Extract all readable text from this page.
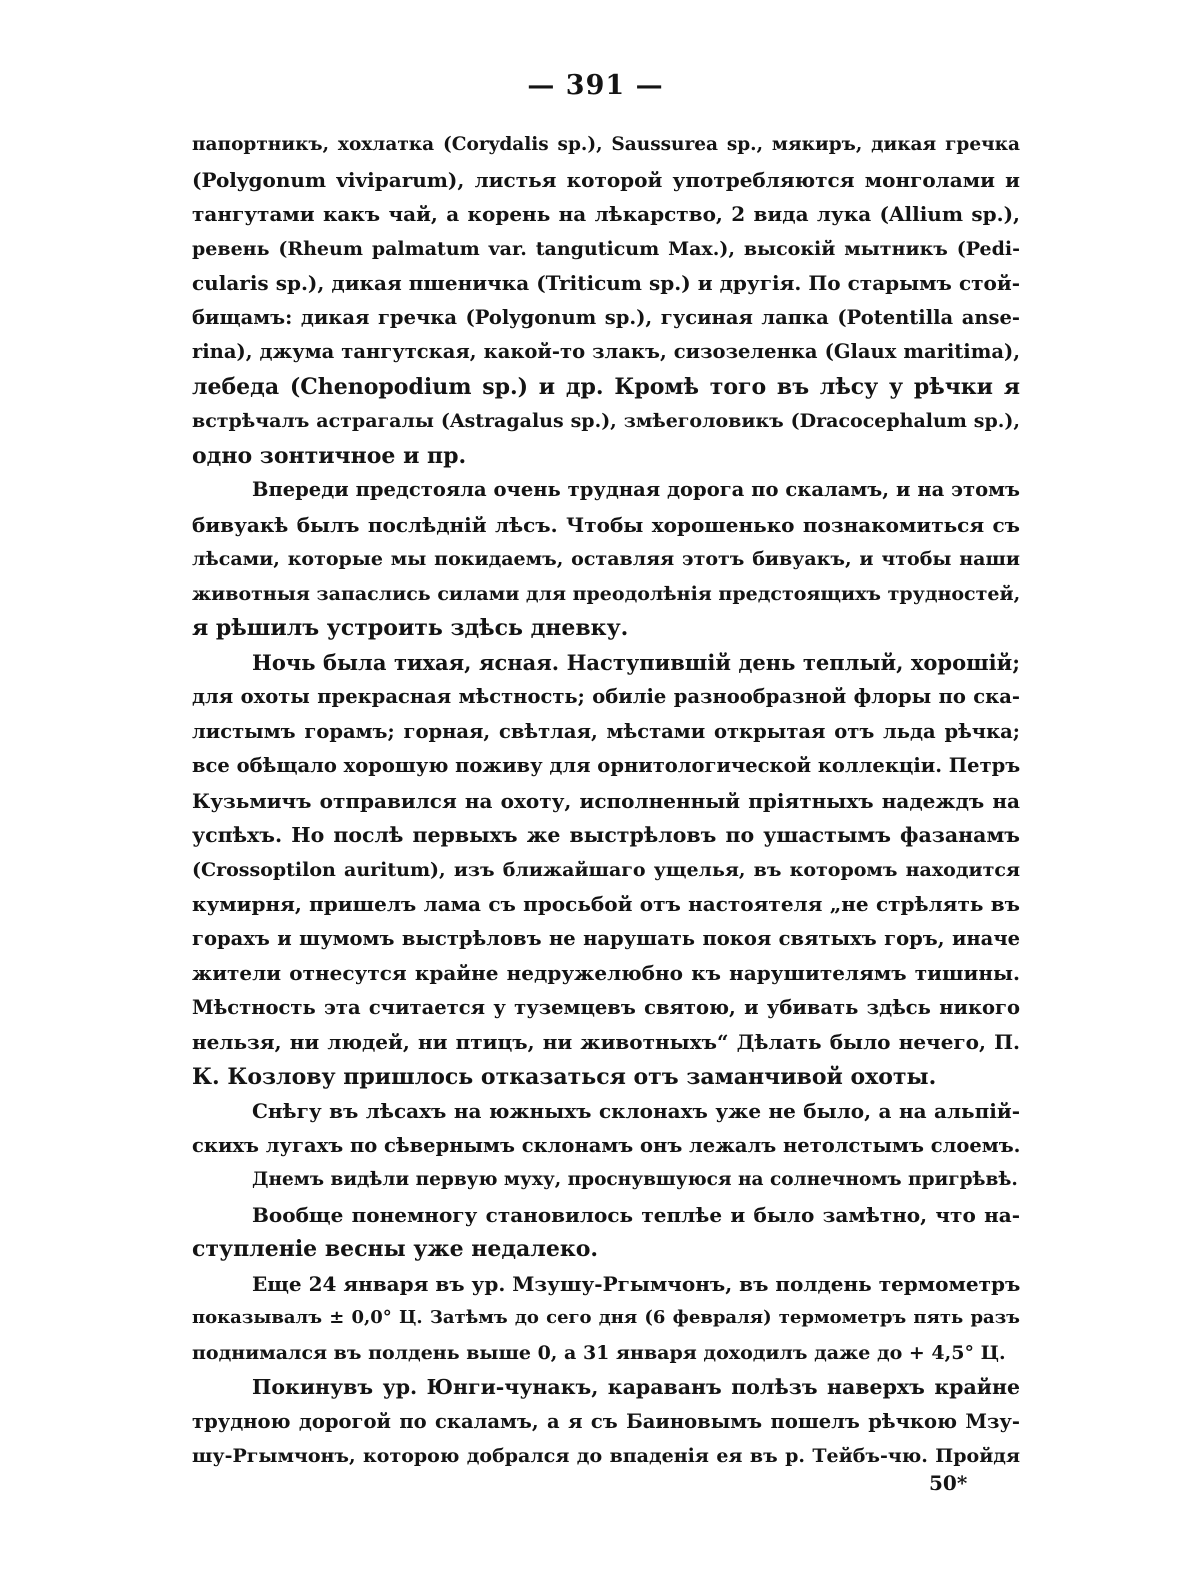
— 391 —
папортникъ, хохлатка (Corydalis sp.), Saussurea sp., мякиръ, дикая гречка
(Polygonum viviparum), листья которой употребляются монголами и
тангутами какъ чай, а корень на лѣкарство, 2 вида лука (Allium sp.),
ревень (Rheum palmatum var. tanguticum Max.), высокій мытникъ (Pedi-
cularis sp.), дикая пшеничка (Triticum sp.) и другія. По старымъ стой-
бищамъ: дикая гречка (Polygonum sp.), гусиная лапка (Potentilla anse-
rina), джума тангутская, какой-то злакъ, сизозеленка (Glaux maritima),
лебеда (Chenopodium sp.) и др. Кромѣ того въ лѣсу у рѣчки я
встрѣчалъ астрагалы (Astragalus sp.), змѣеголовикъ (Dracocephalum sp.),
одно зонтичное и пр.
Впереди предстояла очень трудная дорога по скаламъ, и на этомъ
бивуакѣ былъ послѣдній лѣсъ. Чтобы хорошенько познакомиться съ
лѣсами, которые мы покидаемъ, оставляя этотъ бивуакъ, и чтобы наши
животныя запаслись силами для преодолѣнія предстоящихъ трудностей,
я рѣшилъ устроить здѣсь дневку.
Ночь была тихая, ясная. Наступившій день теплый, хорошій;
для охоты прекрасная мѣстность; обиліе разнообразной флоры по ска-
листымъ горамъ; горная, свѣтлая, мѣстами открытая отъ льда рѣчка;
все обѣщало хорошую поживу для орнитологической коллекціи. Петръ
Кузьмичъ отправился на охоту, исполненный пріятныхъ надеждъ на
успѣхъ. Но послѣ первыхъ же выстрѣловъ по ушастымъ фазанамъ
(Crossoptilon auritum), изъ ближайшаго ущелья, въ которомъ находится
кумирня, пришелъ лама съ просьбой отъ настоятеля „не стрѣлять въ
горахъ и шумомъ выстрѣловъ не нарушать покоя святыхъ горъ, иначе
жители отнесутся крайне недружелюбно къ нарушителямъ тишины.
Мѣстность эта считается у туземцевъ святою, и убивать здѣсь никого
нельзя, ни людей, ни птицъ, ни животныхъ“ Дѣлать было нечего, П.
К. Козлову пришлось отказаться отъ заманчивой охоты.
Снѣгу въ лѣсахъ на южныхъ склонахъ уже не было, а на альпій-
скихъ лугахъ по сѣвернымъ склонамъ онъ лежалъ нетолстымъ слоемъ.
Днемъ видѣли первую муху, проснувшуюся на солнечномъ пригрѣвѣ.
Вообще понемногу становилось теплѣе и было замѣтно, что на-
ступленіе весны уже недалеко.
Еще 24 января въ ур. Мзушу-Ргымчонъ, въ полдень термометръ
показывалъ ± 0,0° Ц. Затѣмъ до сего дня (6 февраля) термометръ пять разъ
поднимался въ полдень выше 0, а 31 января доходилъ даже до + 4,5° Ц.
Покинувъ ур. Юнги-чунакъ, караванъ полѣзъ наверхъ крайне
трудною дорогой по скаламъ, а я съ Баиновымъ пошелъ рѣчкою Мзу-
шу-Ргымчонъ, которою добрался до впаденія ея въ р. Тейбъ-чю. Пройдя
50*
